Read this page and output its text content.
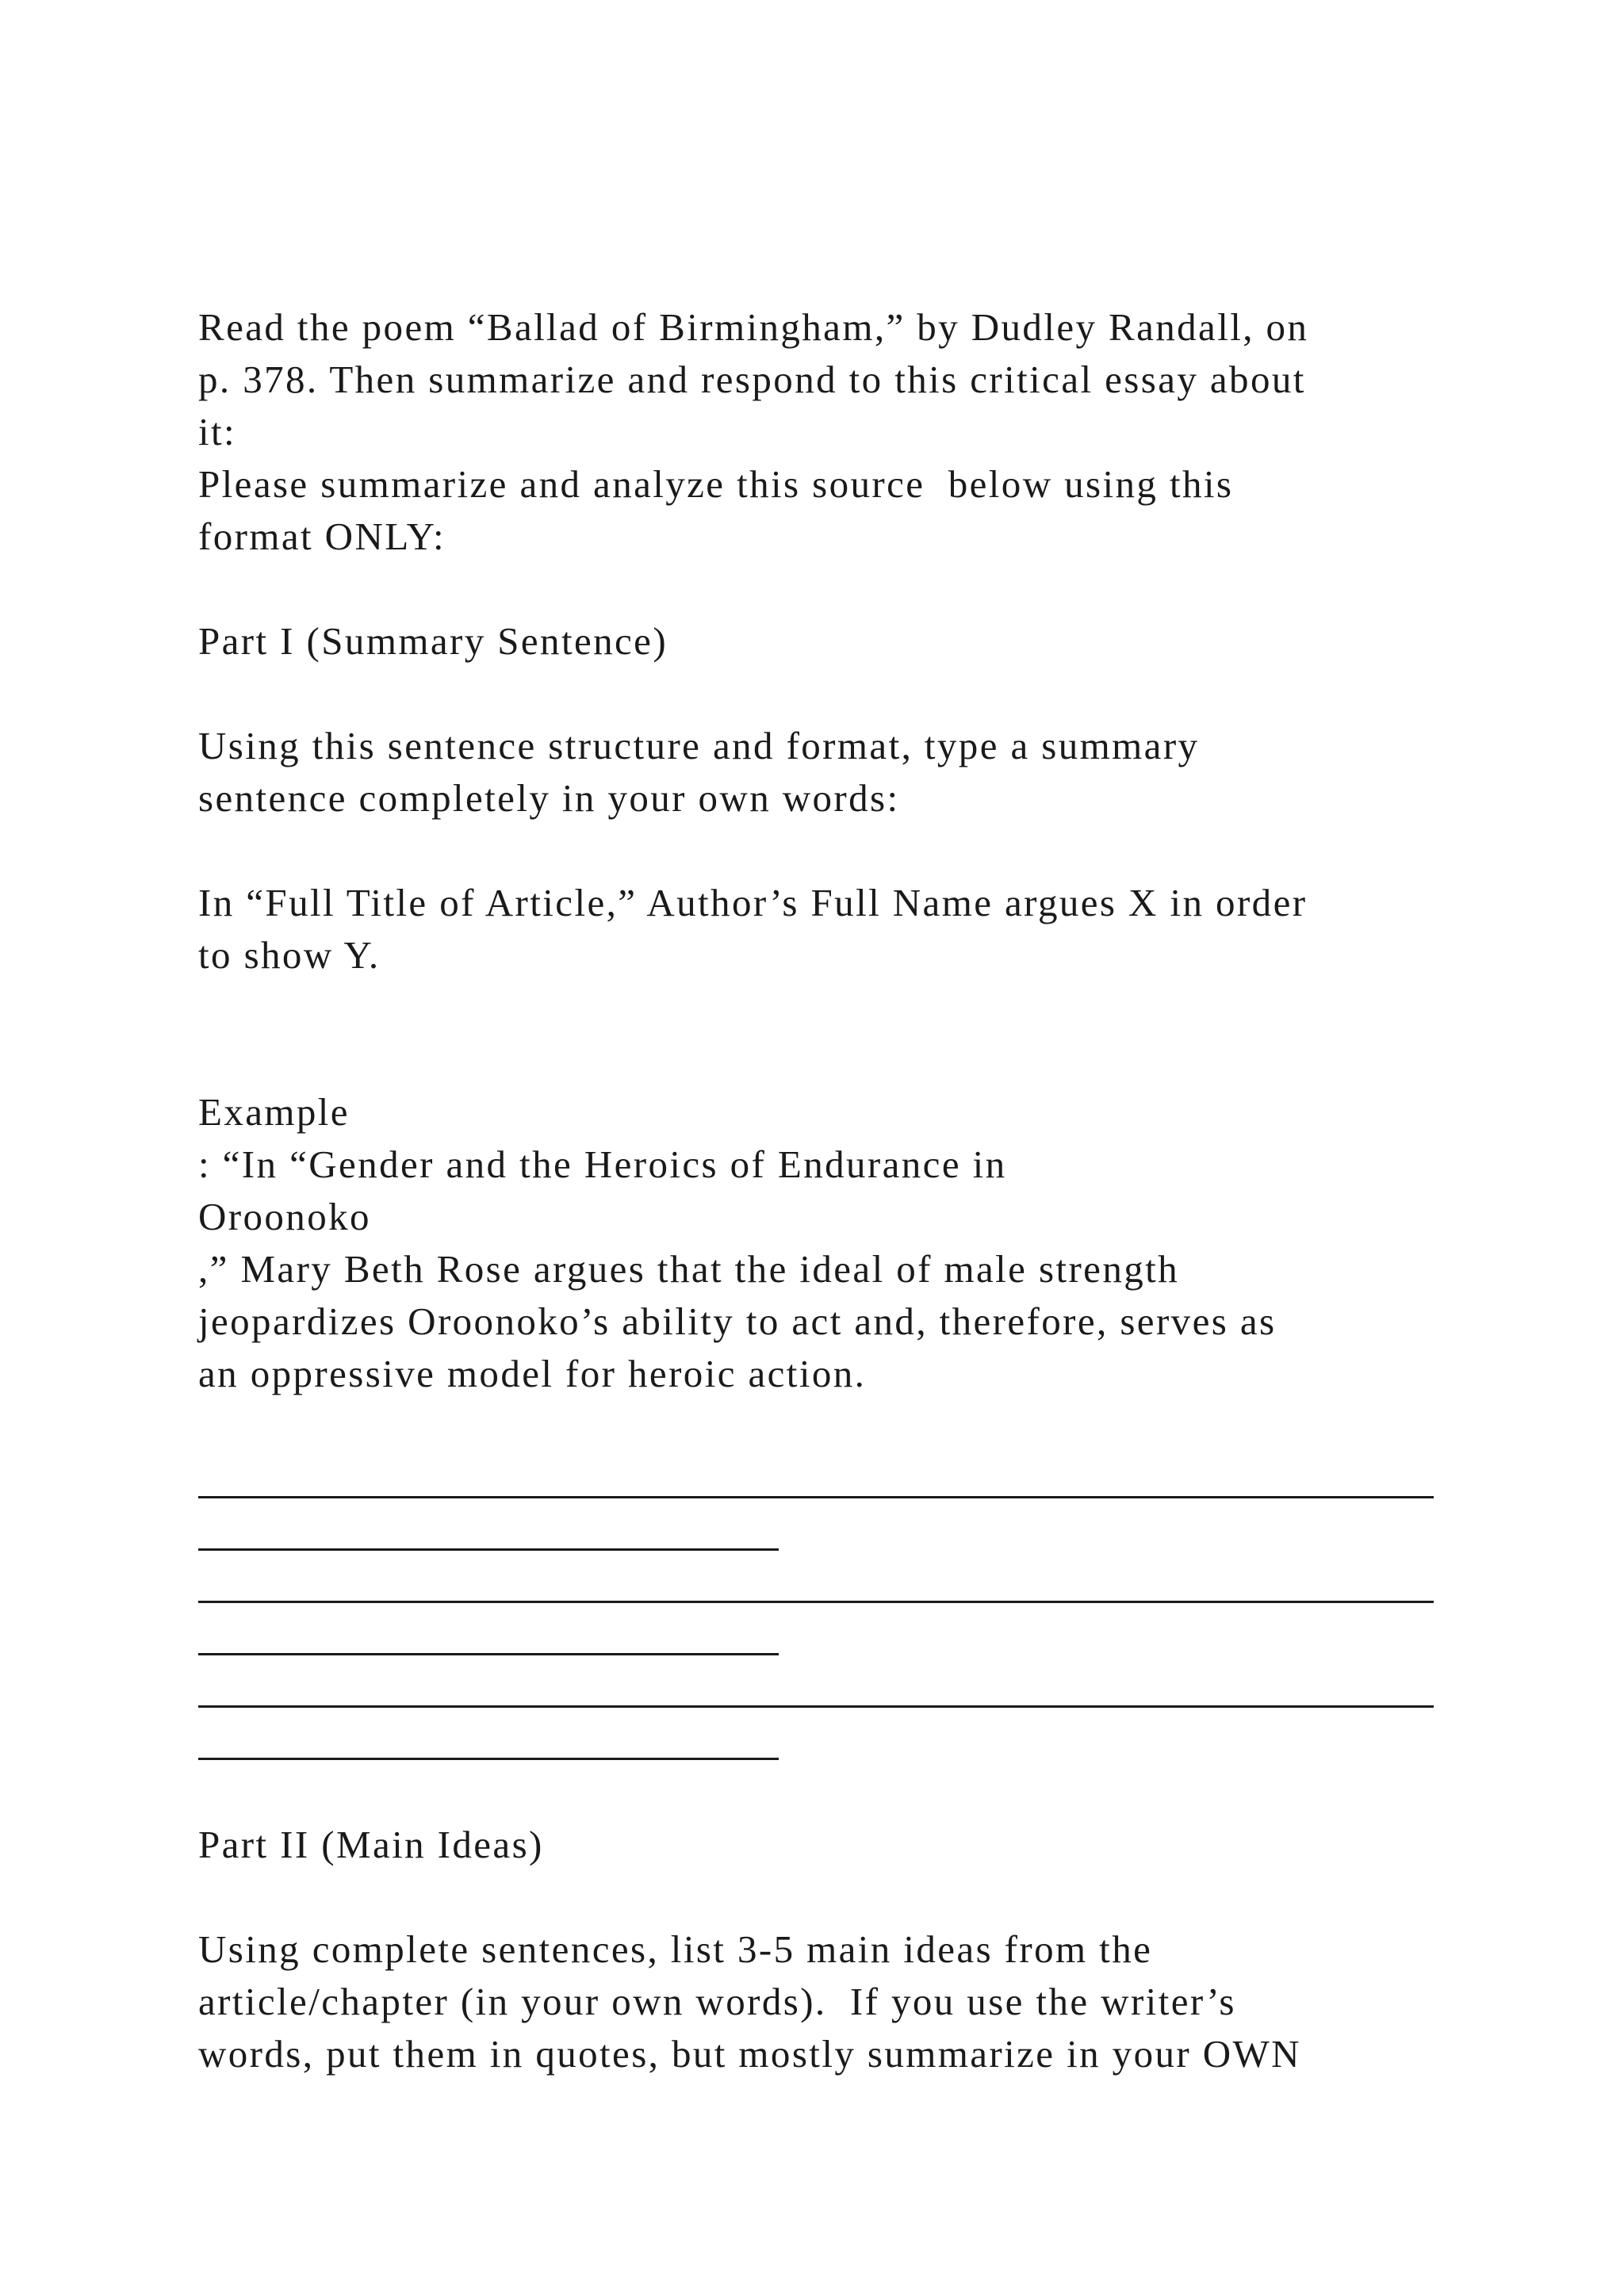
Read the poem “Ballad of Birmingham,” by Dudley Randall, on
p. 378. Then summarize and respond to this critical essay about
it:
Please summarize and analyze this source  below using this
format ONLY:
Part I (Summary Sentence)
Using this sentence structure and format, type a summary
sentence completely in your own words:
In “Full Title of Article,” Author’s Full Name argues X in order
to show Y.
Example
: “In “Gender and the Heroics of Endurance in
Oroonoko
,” Mary Beth Rose argues that the ideal of male strength
jeopardizes Oroonoko’s ability to act and, therefore, serves as
an oppressive model for heroic action.
Part II (Main Ideas)
Using complete sentences, list 3-5 main ideas from the
article/chapter (in your own words).  If you use the writer’s
words, put them in quotes, but mostly summarize in your OWN
